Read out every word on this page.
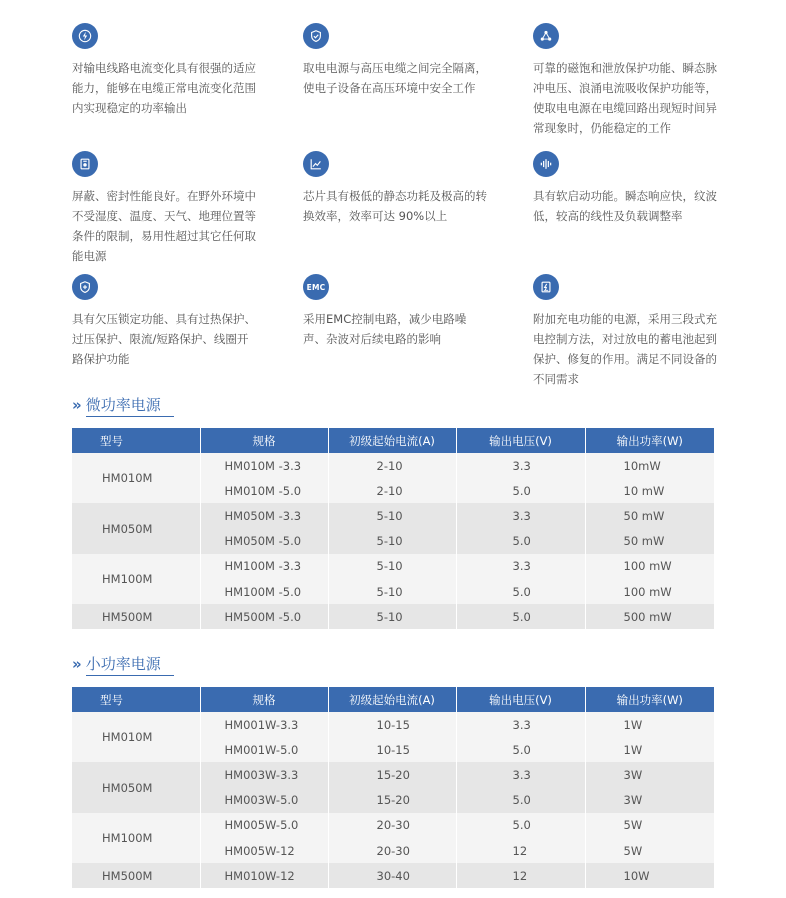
对输电线路电流变化具有很强的适应能力，能够在电缆正常电流变化范围内实现稳定的功率输出
取电电源与高压电缆之间完全隔离，使电子设备在高压环境中安全工作
可靠的磁饱和泄放保护功能、瞬态脉冲电压、浪涌电流吸收保护功能等，使取电电源在电缆回路出现短时间异常现象时，仍能稳定的工作
屏蔽、密封性能良好。在野外环境中不受湿度、温度、天气、地理位置等条件的限制，易用性超过其它任何取能电源
芯片具有极低的静态功耗及极高的转换效率，效率可达 90%以上
具有软启动功能。瞬态响应快，纹波低，较高的线性及负载调整率
具有欠压锁定功能、具有过热保护、过压保护、限流/短路保护、线圈开路保护功能
EMC
采用EMC控制电路，减少电路噪声、杂波对后续电路的影响
附加充电功能的电源，采用三段式充电控制方法，对过放电的蓄电池起到保护、修复的作用。满足不同设备的不同需求
» 微功率电源
型号	规格	初级起始电流(A)	输出电压(V)	输出功率(W)
HM010M	HM010M -3.3	2-10	3.3	10mW
	HM010M -5.0	2-10	5.0	10 mW
HM050M	HM050M -3.3	5-10	3.3	50 mW
	HM050M -5.0	5-10	5.0	50 mW
HM100M	HM100M -3.3	5-10	3.3	100 mW
	HM100M -5.0	5-10	5.0	100 mW
HM500M	HM500M -5.0	5-10	5.0	500 mW
» 小功率电源
型号	规格	初级起始电流(A)	输出电压(V)	输出功率(W)
HM010M	HM001W-3.3	10-15	3.3	1W
	HM001W-5.0	10-15	5.0	1W
HM050M	HM003W-3.3	15-20	3.3	3W
	HM003W-5.0	15-20	5.0	3W
HM100M	HM005W-5.0	20-30	5.0	5W
	HM005W-12	20-30	12	5W
HM500M	HM010W-12	30-40	12	10W
